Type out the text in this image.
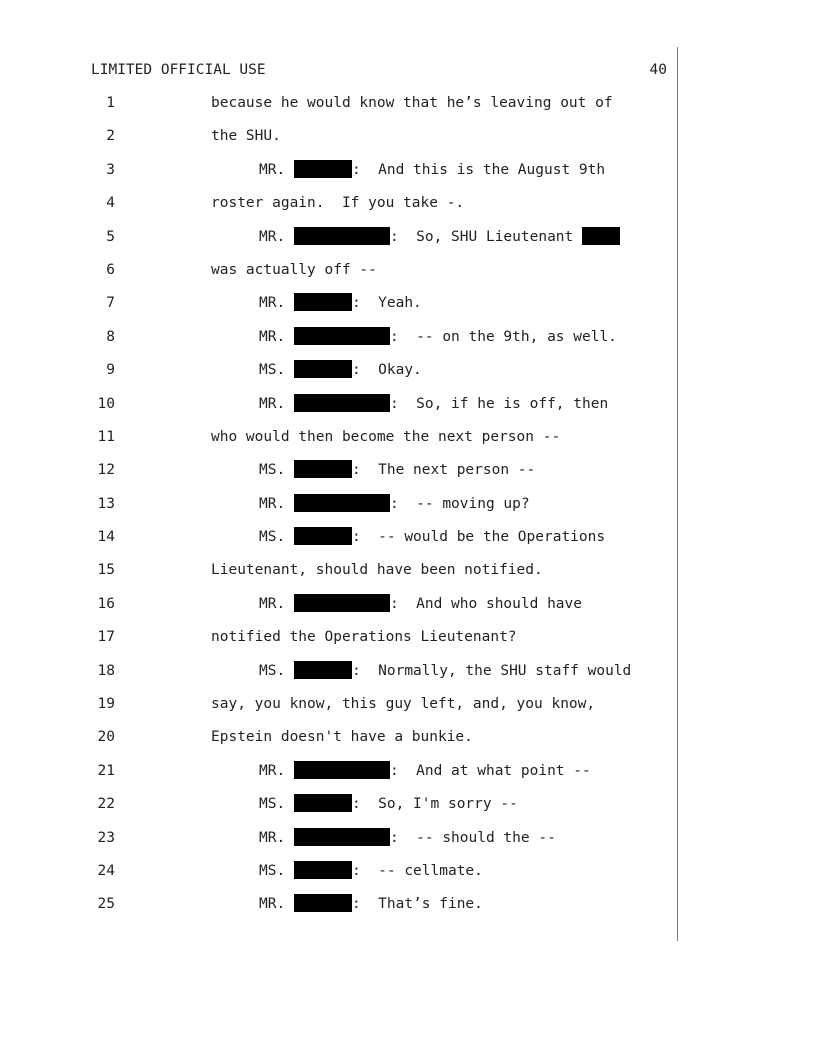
LIMITED OFFICIAL USE	40
1	because he would know that he’s leaving out of
2	the SHU.
3	MR.	:  And this is the August 9th
4	roster again.  If you take -.
5	MR.	:  So, SHU Lieutenant
6	was actually off --
7	MR.	:  Yeah.
8	MR.	:  -- on the 9th, as well.
9	MS.	:  Okay.
10	MR.	:  So, if he is off, then
11	who would then become the next person --
12	MS.	:  The next person --
13	MR.	:  -- moving up?
14	MS.	:  -- would be the Operations
15	Lieutenant, should have been notified.
16	MR.	:  And who should have
17	notified the Operations Lieutenant?
18	MS.	:  Normally, the SHU staff would
19	say, you know, this guy left, and, you know,
20	Epstein doesn't have a bunkie.
21	MR.	:  And at what point --
22	MS.	:  So, I'm sorry --
23	MR.	:  -- should the --
24	MS.	:  -- cellmate.
25	MR.	:  That’s fine.
